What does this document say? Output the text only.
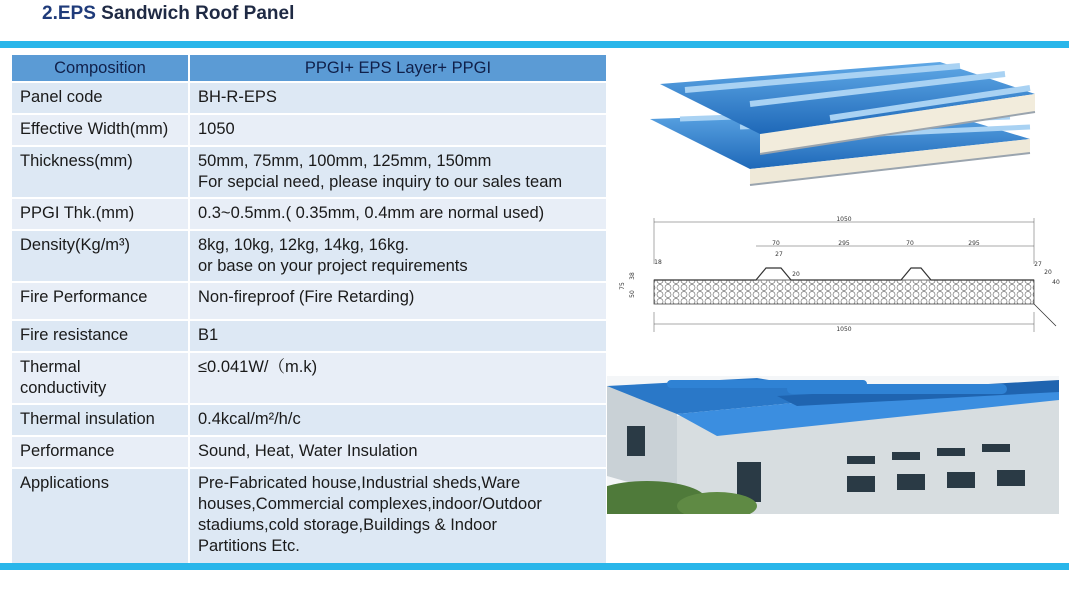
2.EPS Sandwich Roof Panel
Composition	PPGI+ EPS Layer+ PPGI

Panel code	BH-R-EPS

Effective Width(mm)	1050

Thickness(mm)	50mm, 75mm, 100mm, 125mm, 150mm
For sepcial need, please inquiry to our sales team

PPGI Thk.(mm)	0.3~0.5mm.( 0.35mm, 0.4mm are normal used)

Density(Kg/m³)	8kg, 10kg, 12kg, 14kg, 16kg.
or base on your project requirements

Fire Performance	Non-fireproof (Fire Retarding)

Fire resistance	B1

Thermal
conductivity	≤0.041W/（m.k)

Thermal insulation	0.4kcal/m²/h/c

Performance	Sound, Heat, Water Insulation

Applications	Pre-Fabricated house,Industrial sheds,Ware
houses,Commercial complexes,indoor/Outdoor
stadiums,cold storage,Buildings & Indoor
Partitions Etc.
1050
70	295	70	295
27
20
18	27
20
40
75
38
50
1050
